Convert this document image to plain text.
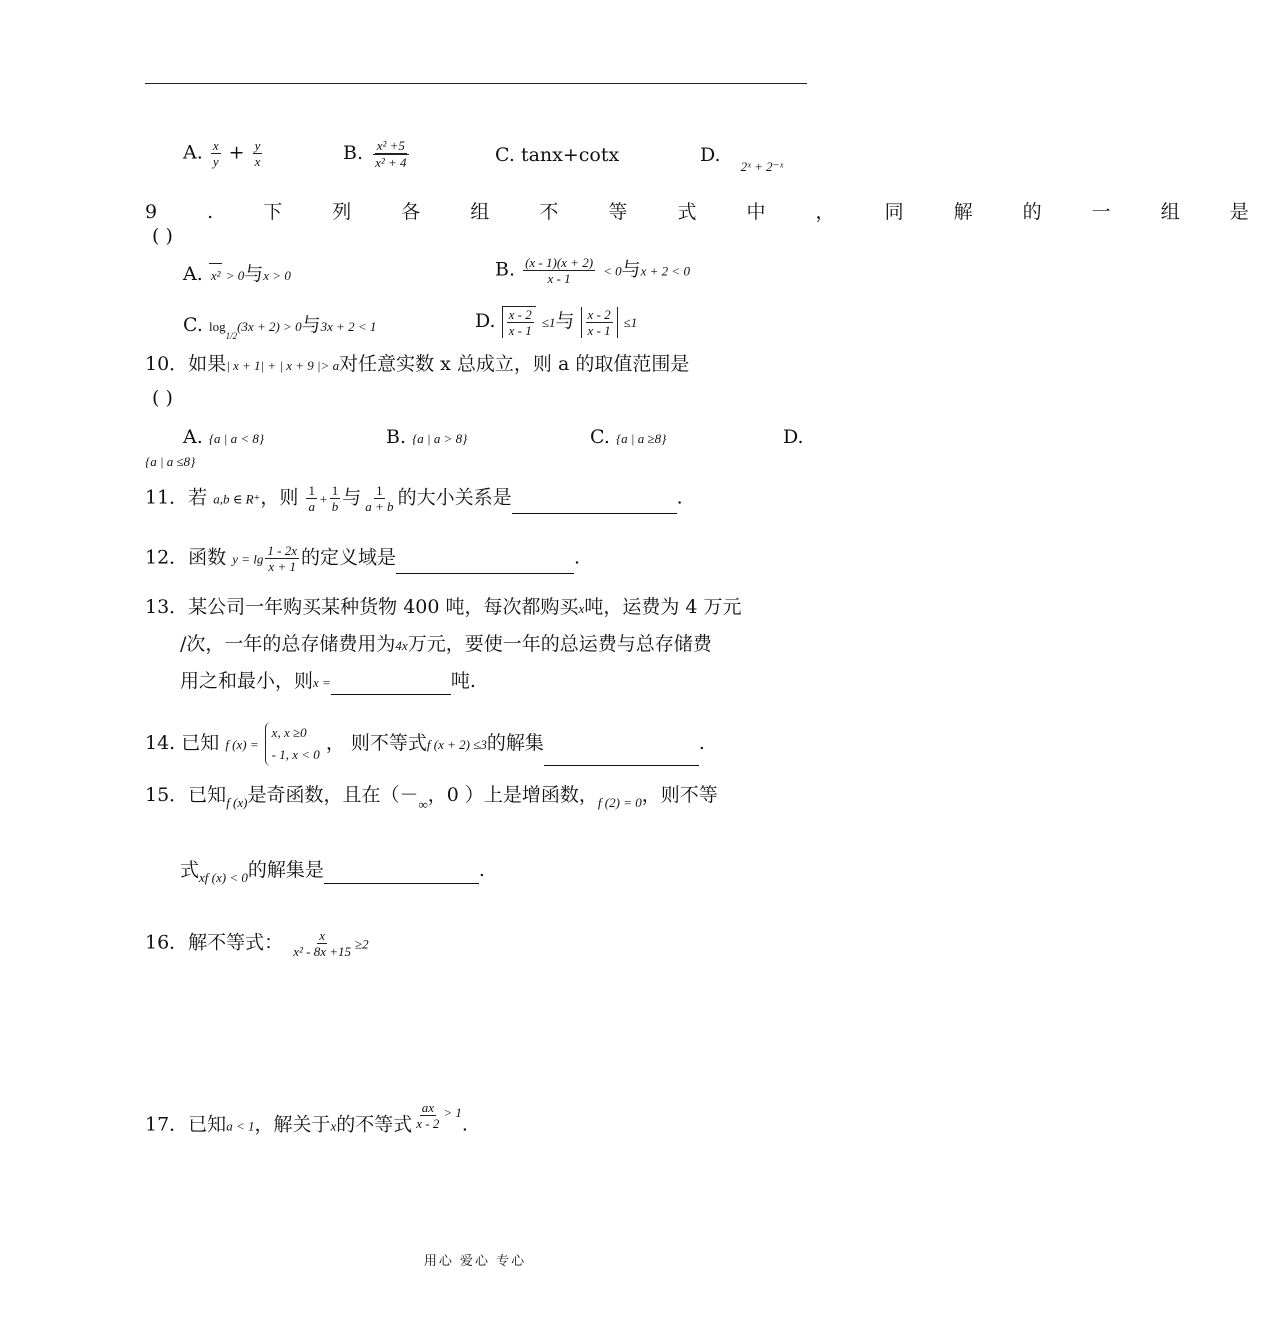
A. $\frac{x}{y} + \frac{y}{x}$	B. $\frac{\text{x² +5}}{\text{x² + 4}}$	C. tanx+cotx	D. $_{2ˣ + 2^-ˣ}$
9 . 下 列 各 组 不 等 式 中 ， 同 解 的 一 组 是
( )
A. x² > 0与x > 0	B. $\frac{(x - 1)(x + 2)}{x - 1} < 0$与x + 2 < 0
C. $\log_{1/2}(3x + 2) > 0$与3x + 2 < 1	D. $\frac{x - 2}{x - 1} \le 1$与 $\frac{x - 2}{x - 1} \le 1$
10．如果| x + 1| + | x + 9 |> a对任意实数 x 总成立，则 a 的取值范围是
( )
A. {a | a < 8}	B. {a | a > 8}	C. {a | a ≥8}	D.
{a | a ≤8}
11．若 a,b ∈ R⁺，则 $\frac{1}{a} + \frac{1}{b}$ 与 $\frac{1}{a + b}$ 的大小关系是	.
12．函数 $y = \lg \frac{1 - 2x}{x + 1}$ 的定义域是	.
13．某公司一年购买某种货物 400 吨，每次都购买x吨，运费为 4 万元
/次，一年的总存储费用为4x万元，要使一年的总运费与总存储费
用之和最小，则x =	吨.
14. 已知 f (x) =
x, x ≥0
- 1, x < 0
， 则不等式f (x + 2) ≤3的解集	.
15．已知$_{f (x)}$是奇函数，且在（$-_\infty$，0 ）上是增函数，$_{f (2) = 0}$，则不等
式$_{xf (x) < 0}$的解集是	.
16．解不等式： $\frac{x}{\text{x² - 8x +15}} \ge 2$
17．已知a < 1，解关于x的不等式 $\frac{ax}{x - 2} ^{> 1}$.
用心 爱心 专心
